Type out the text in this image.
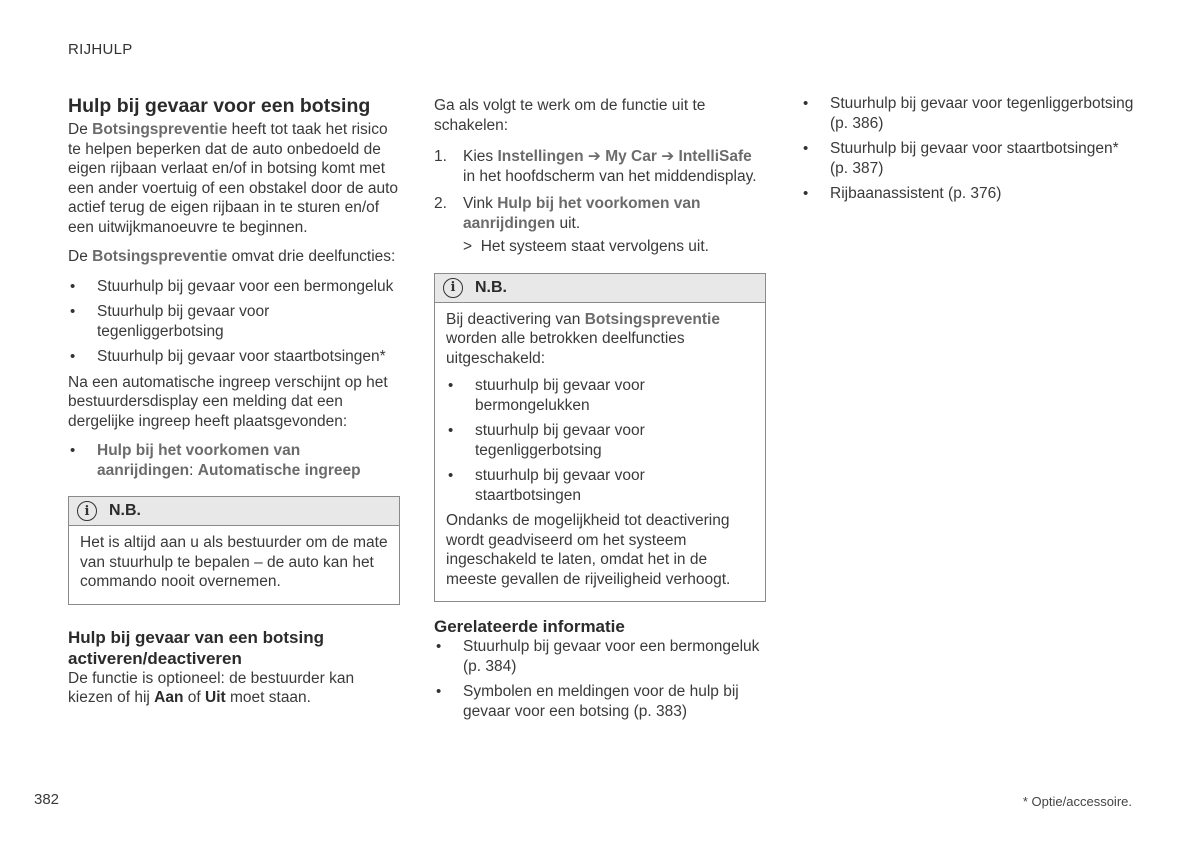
RIJHULP
Hulp bij gevaar voor een botsing

De Botsingspreventie heeft tot taak het risico te helpen beperken dat de auto onbedoeld de eigen rijbaan verlaat en/of in botsing komt met een ander voertuig of een obstakel door de auto actief terug de eigen rijbaan in te sturen en/of een uitwijkmanoeuvre te beginnen.

De Botsingspreventie omvat drie deelfuncties:

• Stuurhulp bij gevaar voor een bermongeluk
• Stuurhulp bij gevaar voor tegenliggerbotsing
• Stuurhulp bij gevaar voor staartbotsingen*

Na een automatische ingreep verschijnt op het bestuurdersdisplay een melding dat een dergelijke ingreep heeft plaatsgevonden:

• Hulp bij het voorkomen van aanrijdingen: Automatische ingreep
i	N.B.

Het is altijd aan u als bestuurder om de mate van stuurhulp te bepalen – de auto kan het commando nooit overnemen.

Hulp bij gevaar van een botsing activeren/deactiveren

De functie is optioneel: de bestuurder kan kiezen of hij Aan of Uit moet staan.

Ga als volgt te werk om de functie uit te schakelen:

1. Kies Instellingen ➔ My Car ➔ IntelliSafe in het hoofdscherm van het middendisplay.
2. Vink Hulp bij het voorkomen van aanrijdingen uit.
> Het systeem staat vervolgens uit.
i	N.B.

Bij deactivering van Botsingspreventie worden alle betrokken deelfuncties uitgeschakeld:

• stuurhulp bij gevaar voor bermongelukken
• stuurhulp bij gevaar voor tegenliggerbotsing
• stuurhulp bij gevaar voor staartbotsingen

Ondanks de mogelijkheid tot deactivering wordt geadviseerd om het systeem ingeschakeld te laten, omdat het in de meeste gevallen de rijveiligheid verhoogt.

Gerelateerde informatie
• Stuurhulp bij gevaar voor een bermongeluk (p. 384)
• Symbolen en meldingen voor de hulp bij gevaar voor een botsing (p. 383)
• Stuurhulp bij gevaar voor tegenliggerbotsing (p. 386)
• Stuurhulp bij gevaar voor staartbotsingen* (p. 387)
• Rijbaanassistent (p. 376)
382	* Optie/accessoire.
